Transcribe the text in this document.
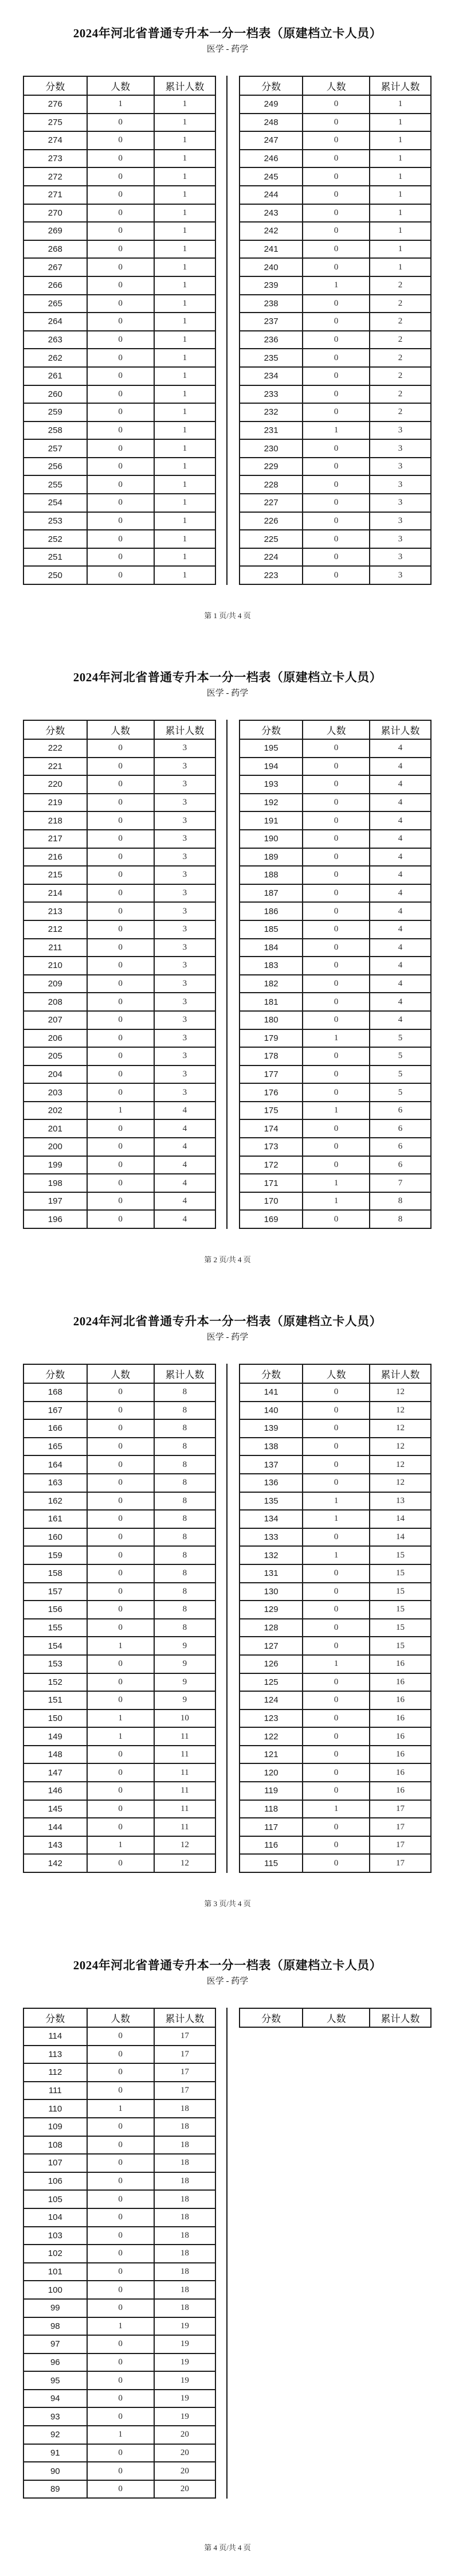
2024年河北省普通专升本一分一档表（原建档立卡人员）
医学 - 药学
分数	人数	累计人数
276	1	1
275	0	1
274	0	1
273	0	1
272	0	1
271	0	1
270	0	1
269	0	1
268	0	1
267	0	1
266	0	1
265	0	1
264	0	1
263	0	1
262	0	1
261	0	1
260	0	1
259	0	1
258	0	1
257	0	1
256	0	1
255	0	1
254	0	1
253	0	1
252	0	1
251	0	1
250	0	1
分数	人数	累计人数
249	0	1
248	0	1
247	0	1
246	0	1
245	0	1
244	0	1
243	0	1
242	0	1
241	0	1
240	0	1
239	1	2
238	0	2
237	0	2
236	0	2
235	0	2
234	0	2
233	0	2
232	0	2
231	1	3
230	0	3
229	0	3
228	0	3
227	0	3
226	0	3
225	0	3
224	0	3
223	0	3
第 1 页/共 4 页
2024年河北省普通专升本一分一档表（原建档立卡人员）
医学 - 药学
分数	人数	累计人数
222	0	3
221	0	3
220	0	3
219	0	3
218	0	3
217	0	3
216	0	3
215	0	3
214	0	3
213	0	3
212	0	3
211	0	3
210	0	3
209	0	3
208	0	3
207	0	3
206	0	3
205	0	3
204	0	3
203	0	3
202	1	4
201	0	4
200	0	4
199	0	4
198	0	4
197	0	4
196	0	4
分数	人数	累计人数
195	0	4
194	0	4
193	0	4
192	0	4
191	0	4
190	0	4
189	0	4
188	0	4
187	0	4
186	0	4
185	0	4
184	0	4
183	0	4
182	0	4
181	0	4
180	0	4
179	1	5
178	0	5
177	0	5
176	0	5
175	1	6
174	0	6
173	0	6
172	0	6
171	1	7
170	1	8
169	0	8
第 2 页/共 4 页
2024年河北省普通专升本一分一档表（原建档立卡人员）
医学 - 药学
分数	人数	累计人数
168	0	8
167	0	8
166	0	8
165	0	8
164	0	8
163	0	8
162	0	8
161	0	8
160	0	8
159	0	8
158	0	8
157	0	8
156	0	8
155	0	8
154	1	9
153	0	9
152	0	9
151	0	9
150	1	10
149	1	11
148	0	11
147	0	11
146	0	11
145	0	11
144	0	11
143	1	12
142	0	12
分数	人数	累计人数
141	0	12
140	0	12
139	0	12
138	0	12
137	0	12
136	0	12
135	1	13
134	1	14
133	0	14
132	1	15
131	0	15
130	0	15
129	0	15
128	0	15
127	0	15
126	1	16
125	0	16
124	0	16
123	0	16
122	0	16
121	0	16
120	0	16
119	0	16
118	1	17
117	0	17
116	0	17
115	0	17
第 3 页/共 4 页
2024年河北省普通专升本一分一档表（原建档立卡人员）
医学 - 药学
分数	人数	累计人数
114	0	17
113	0	17
112	0	17
111	0	17
110	1	18
109	0	18
108	0	18
107	0	18
106	0	18
105	0	18
104	0	18
103	0	18
102	0	18
101	0	18
100	0	18
99	0	18
98	1	19
97	0	19
96	0	19
95	0	19
94	0	19
93	0	19
92	1	20
91	0	20
90	0	20
89	0	20
分数	人数	累计人数
第 4 页/共 4 页
